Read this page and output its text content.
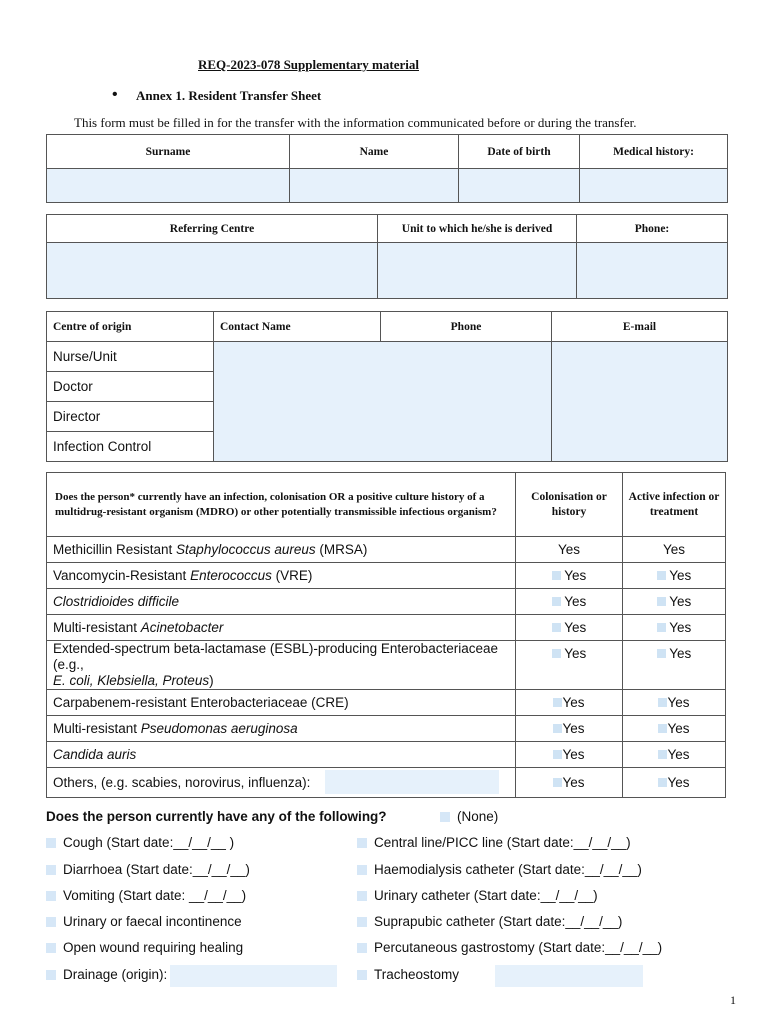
REQ-2023-078 Supplementary material
• Annex 1. Resident Transfer Sheet
This form must be filled in for the transfer with the information communicated before or during the transfer.
Surname	Name	Date of birth	Medical history:

Referring Centre	Unit to which he/she is derived	Phone:

Centre of origin	Contact Name	Phone	E-mail
Nurse/Unit			
Doctor			
Director			
Infection Control			
Does the person* currently have an infection, colonisation OR a positive culture history of a multidrug-resistant organism (MDRO) or other potentially transmissible infectious organism?	Colonisation or history	Active infection or treatment
Methicillin Resistant Staphylococcus aureus (MRSA)	Yes	Yes
Vancomycin-Resistant Enterococcus (VRE)	Yes	Yes
Clostridioides difficile	Yes	Yes
Multi-resistant Acinetobacter	Yes	Yes
Extended-spectrum beta-lactamase (ESBL)-producing Enterobacteriaceae (e.g.,
E. coli, Klebsiella, Proteus)	Yes	Yes
Carpabenem-resistant Enterobacteriaceae (CRE)	Yes	Yes
Multi-resistant Pseudomonas aeruginosa	Yes	Yes
Candida auris	Yes	Yes
Others, (e.g. scabies, norovirus, influenza):	Yes	Yes
Does the person currently have any of the following?	(None)
Cough (Start date:__/__/__ )
Diarrhoea (Start date:__/__/__)
Vomiting (Start date: __/__/__)
Urinary or faecal incontinence
Open wound requiring healing
Drainage (origin):
Central line/PICC line (Start date:__/__/__)
Haemodialysis catheter (Start date:__/__/__)
Urinary catheter (Start date:__/__/__)
Suprapubic catheter (Start date:__/__/__)
Percutaneous gastrostomy (Start date:__/__/__)
Tracheostomy
1
